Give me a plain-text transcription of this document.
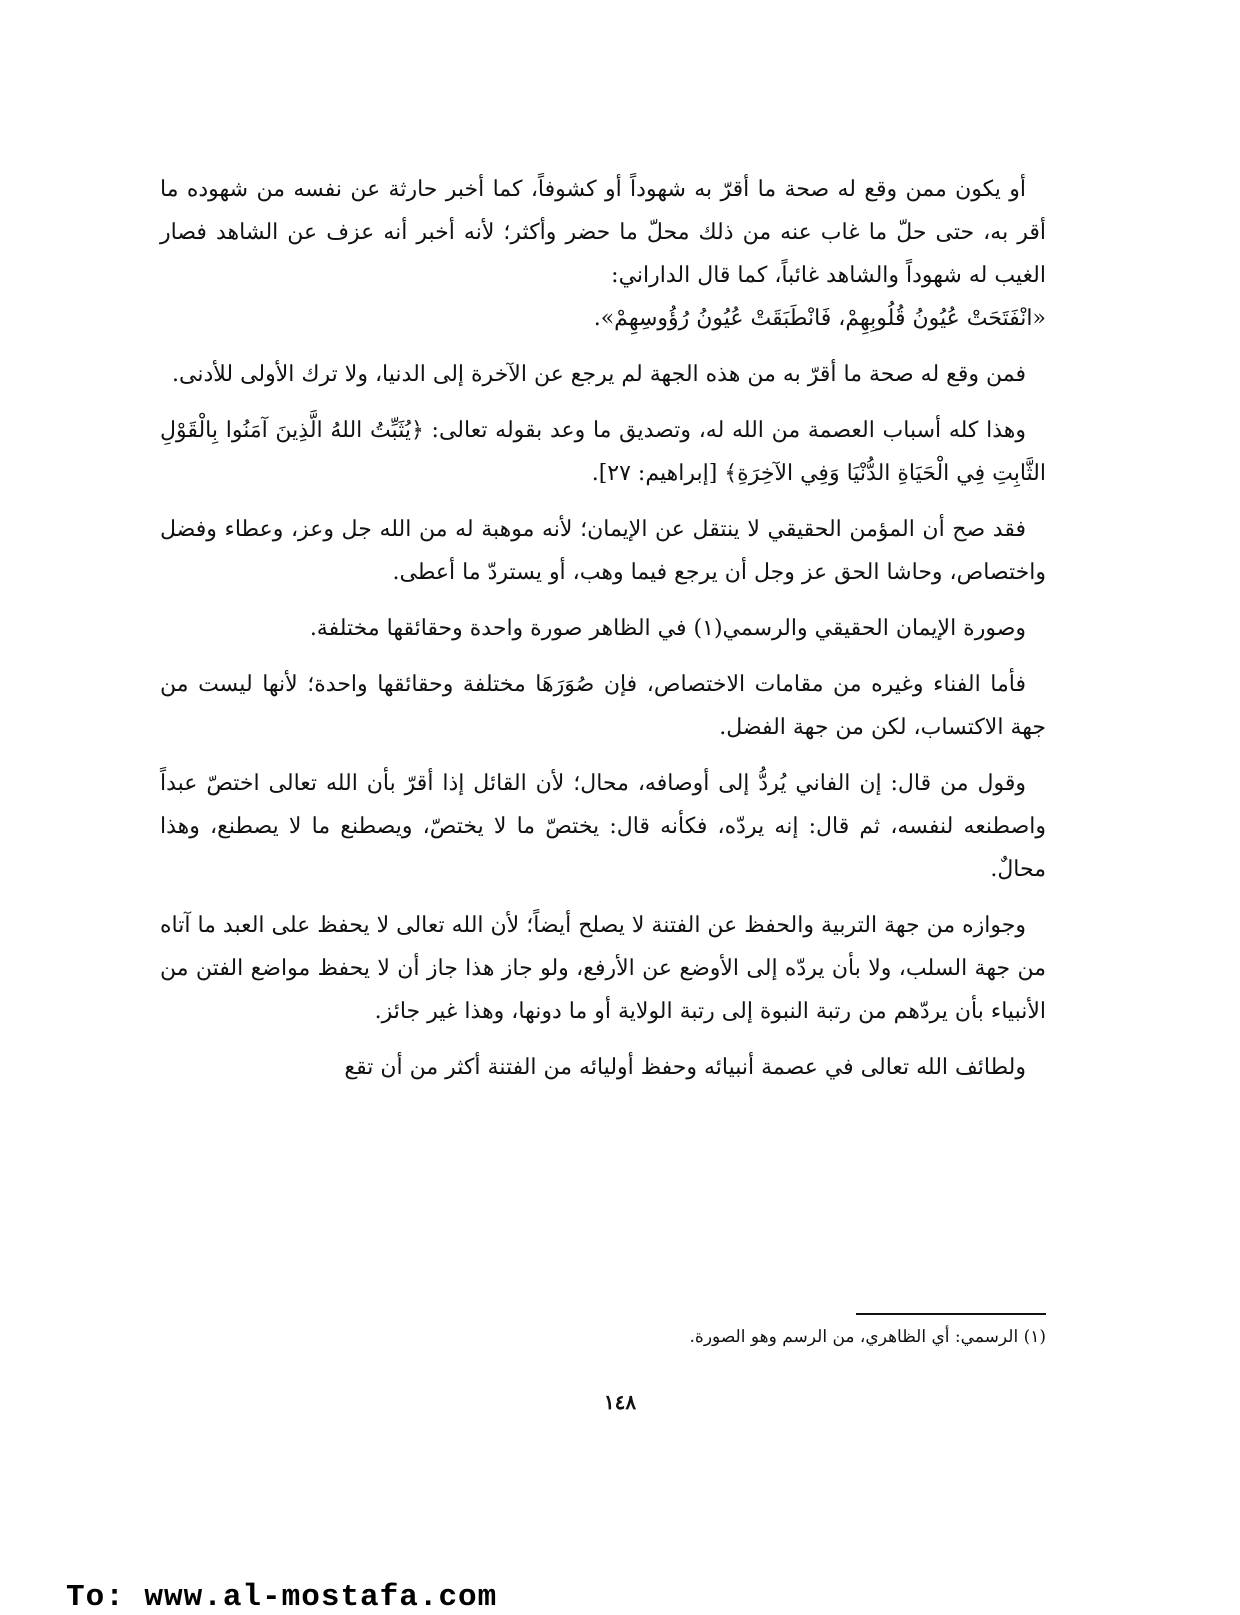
أو يكون ممن وقع له صحة ما أقرّ به شهوداً أو كشوفاً، كما أخبر حارثة عن نفسه من شهوده ما أقر به، حتى حلّ ما غاب عنه من ذلك محلّ ما حضر وأكثر؛ لأنه أخبر أنه عزف عن الشاهد فصار الغيب له شهوداً والشاهد غائباً، كما قال الداراني:
«انْفَتَحَتْ عُيُونُ قُلُوبِهِمْ، فَانْطَبَقَتْ عُيُونُ رُؤُوسِهِمْ».

فمن وقع له صحة ما أقرّ به من هذه الجهة لم يرجع عن الآخرة إلى الدنيا، ولا ترك الأولى للأدنى.

وهذا كله أسباب العصمة من الله له، وتصديق ما وعد بقوله تعالى: ﴿يُثَبِّتُ اللهُ الَّذِينَ آمَنُوا بِالْقَوْلِ الثَّابِتِ فِي الْحَيَاةِ الدُّنْيَا وَفِي الآخِرَةِ﴾ [إبراهيم: ٢٧].

فقد صح أن المؤمن الحقيقي لا ينتقل عن الإيمان؛ لأنه موهبة له من الله جل وعز، وعطاء وفضل واختصاص، وحاشا الحق عز وجل أن يرجع فيما وهب، أو يستردّ ما أعطى.

وصورة الإيمان الحقيقي والرسمي(١) في الظاهر صورة واحدة وحقائقها مختلفة.

فأما الفناء وغيره من مقامات الاختصاص، فإن صُوَرَهَا مختلفة وحقائقها واحدة؛ لأنها ليست من جهة الاكتساب، لكن من جهة الفضل.

وقول من قال: إن الفاني يُردُّ إلى أوصافه، محال؛ لأن القائل إذا أقرّ بأن الله تعالى اختصّ عبداً واصطنعه لنفسه، ثم قال: إنه يردّه، فكأنه قال: يختصّ ما لا يختصّ، ويصطنع ما لا يصطنع، وهذا محالٌ.

وجوازه من جهة التربية والحفظ عن الفتنة لا يصلح أيضاً؛ لأن الله تعالى لا يحفظ على العبد ما آتاه من جهة السلب، ولا بأن يردّه إلى الأوضع عن الأرفع، ولو جاز هذا جاز أن لا يحفظ مواضع الفتن من الأنبياء بأن يردّهم من رتبة النبوة إلى رتبة الولاية أو ما دونها، وهذا غير جائز.

ولطائف الله تعالى في عصمة أنبيائه وحفظ أوليائه من الفتنة أكثر من أن تقع

(١) الرسمي: أي الظاهري، من الرسم وهو الصورة.
١٤٨
To: www.al-mostafa.com
